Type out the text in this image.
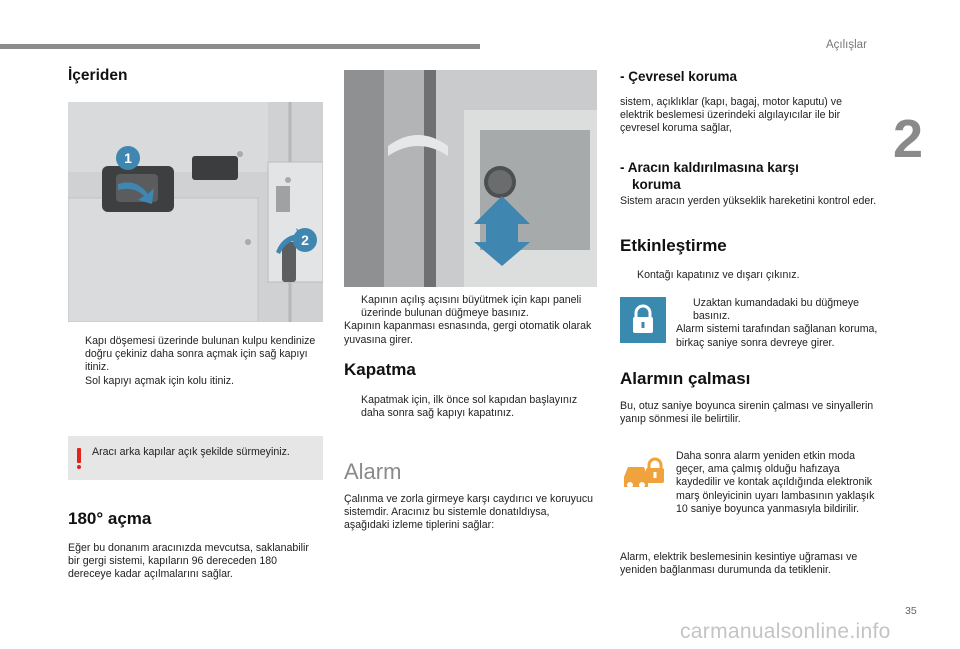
Açılışlar
2
İçeriden
1
2
Kapı döşemesi üzerinde bulunan kulpu kendinize doğru çekiniz daha sonra açmak için sağ kapıyı itiniz.
Sol kapıyı açmak için kolu itiniz.
Aracı arka kapılar açık şekilde sürmeyiniz.
180° açma

Eğer bu donanım aracınızda mevcutsa, saklanabilir bir gergi sistemi, kapıların 96 dereceden 180 dereceye kadar açılmalarını sağlar.

Kapının açılış açısını büyütmek için kapı paneli üzerinde bulunan düğmeye basınız.

Kapının kapanması esnasında, gergi otomatik olarak yuvasına girer.

Kapatma
Kapatmak için, ilk önce sol kapıdan başlayınız daha sonra sağ kapıyı kapatınız.
Alarm

Çalınma ve zorla girmeye karşı caydırıcı ve koruyucu sistemdir. Aracınız bu sistemle donatıldıysa, aşağıdaki izleme tiplerini sağlar:

- Çevresel koruma

sistem, açıklıklar (kapı, bagaj, motor kaputu) ve elektrik beslemesi üzerindeki algılayıcılar ile bir çevresel koruma sağlar,

- Aracın kaldırılmasına karşı
koruma

Sistem aracın yerden yükseklik hareketini kontrol eder.

Etkinleştirme
Kontağı kapatınız ve dışarı çıkınız.
Uzaktan kumandadaki bu düğmeye basınız.

Alarm sistemi tarafından sağlanan koruma, birkaç saniye sonra devreye girer.

Alarmın çalması

Bu, otuz saniye boyunca sirenin çalması ve sinyallerin yanıp sönmesi ile belirtilir.

Daha sonra alarm yeniden etkin moda geçer, ama çalmış olduğu hafızaya kaydedilir ve kontak açıldığında elektronik marş önleyicinin uyarı lambasının yaklaşık 10 saniye boyunca yanmasıyla bildirilir.

Alarm, elektrik beslemesinin kesintiye uğraması ve yeniden bağlanması durumunda da tetiklenir.

35
carmanualsonline.info
